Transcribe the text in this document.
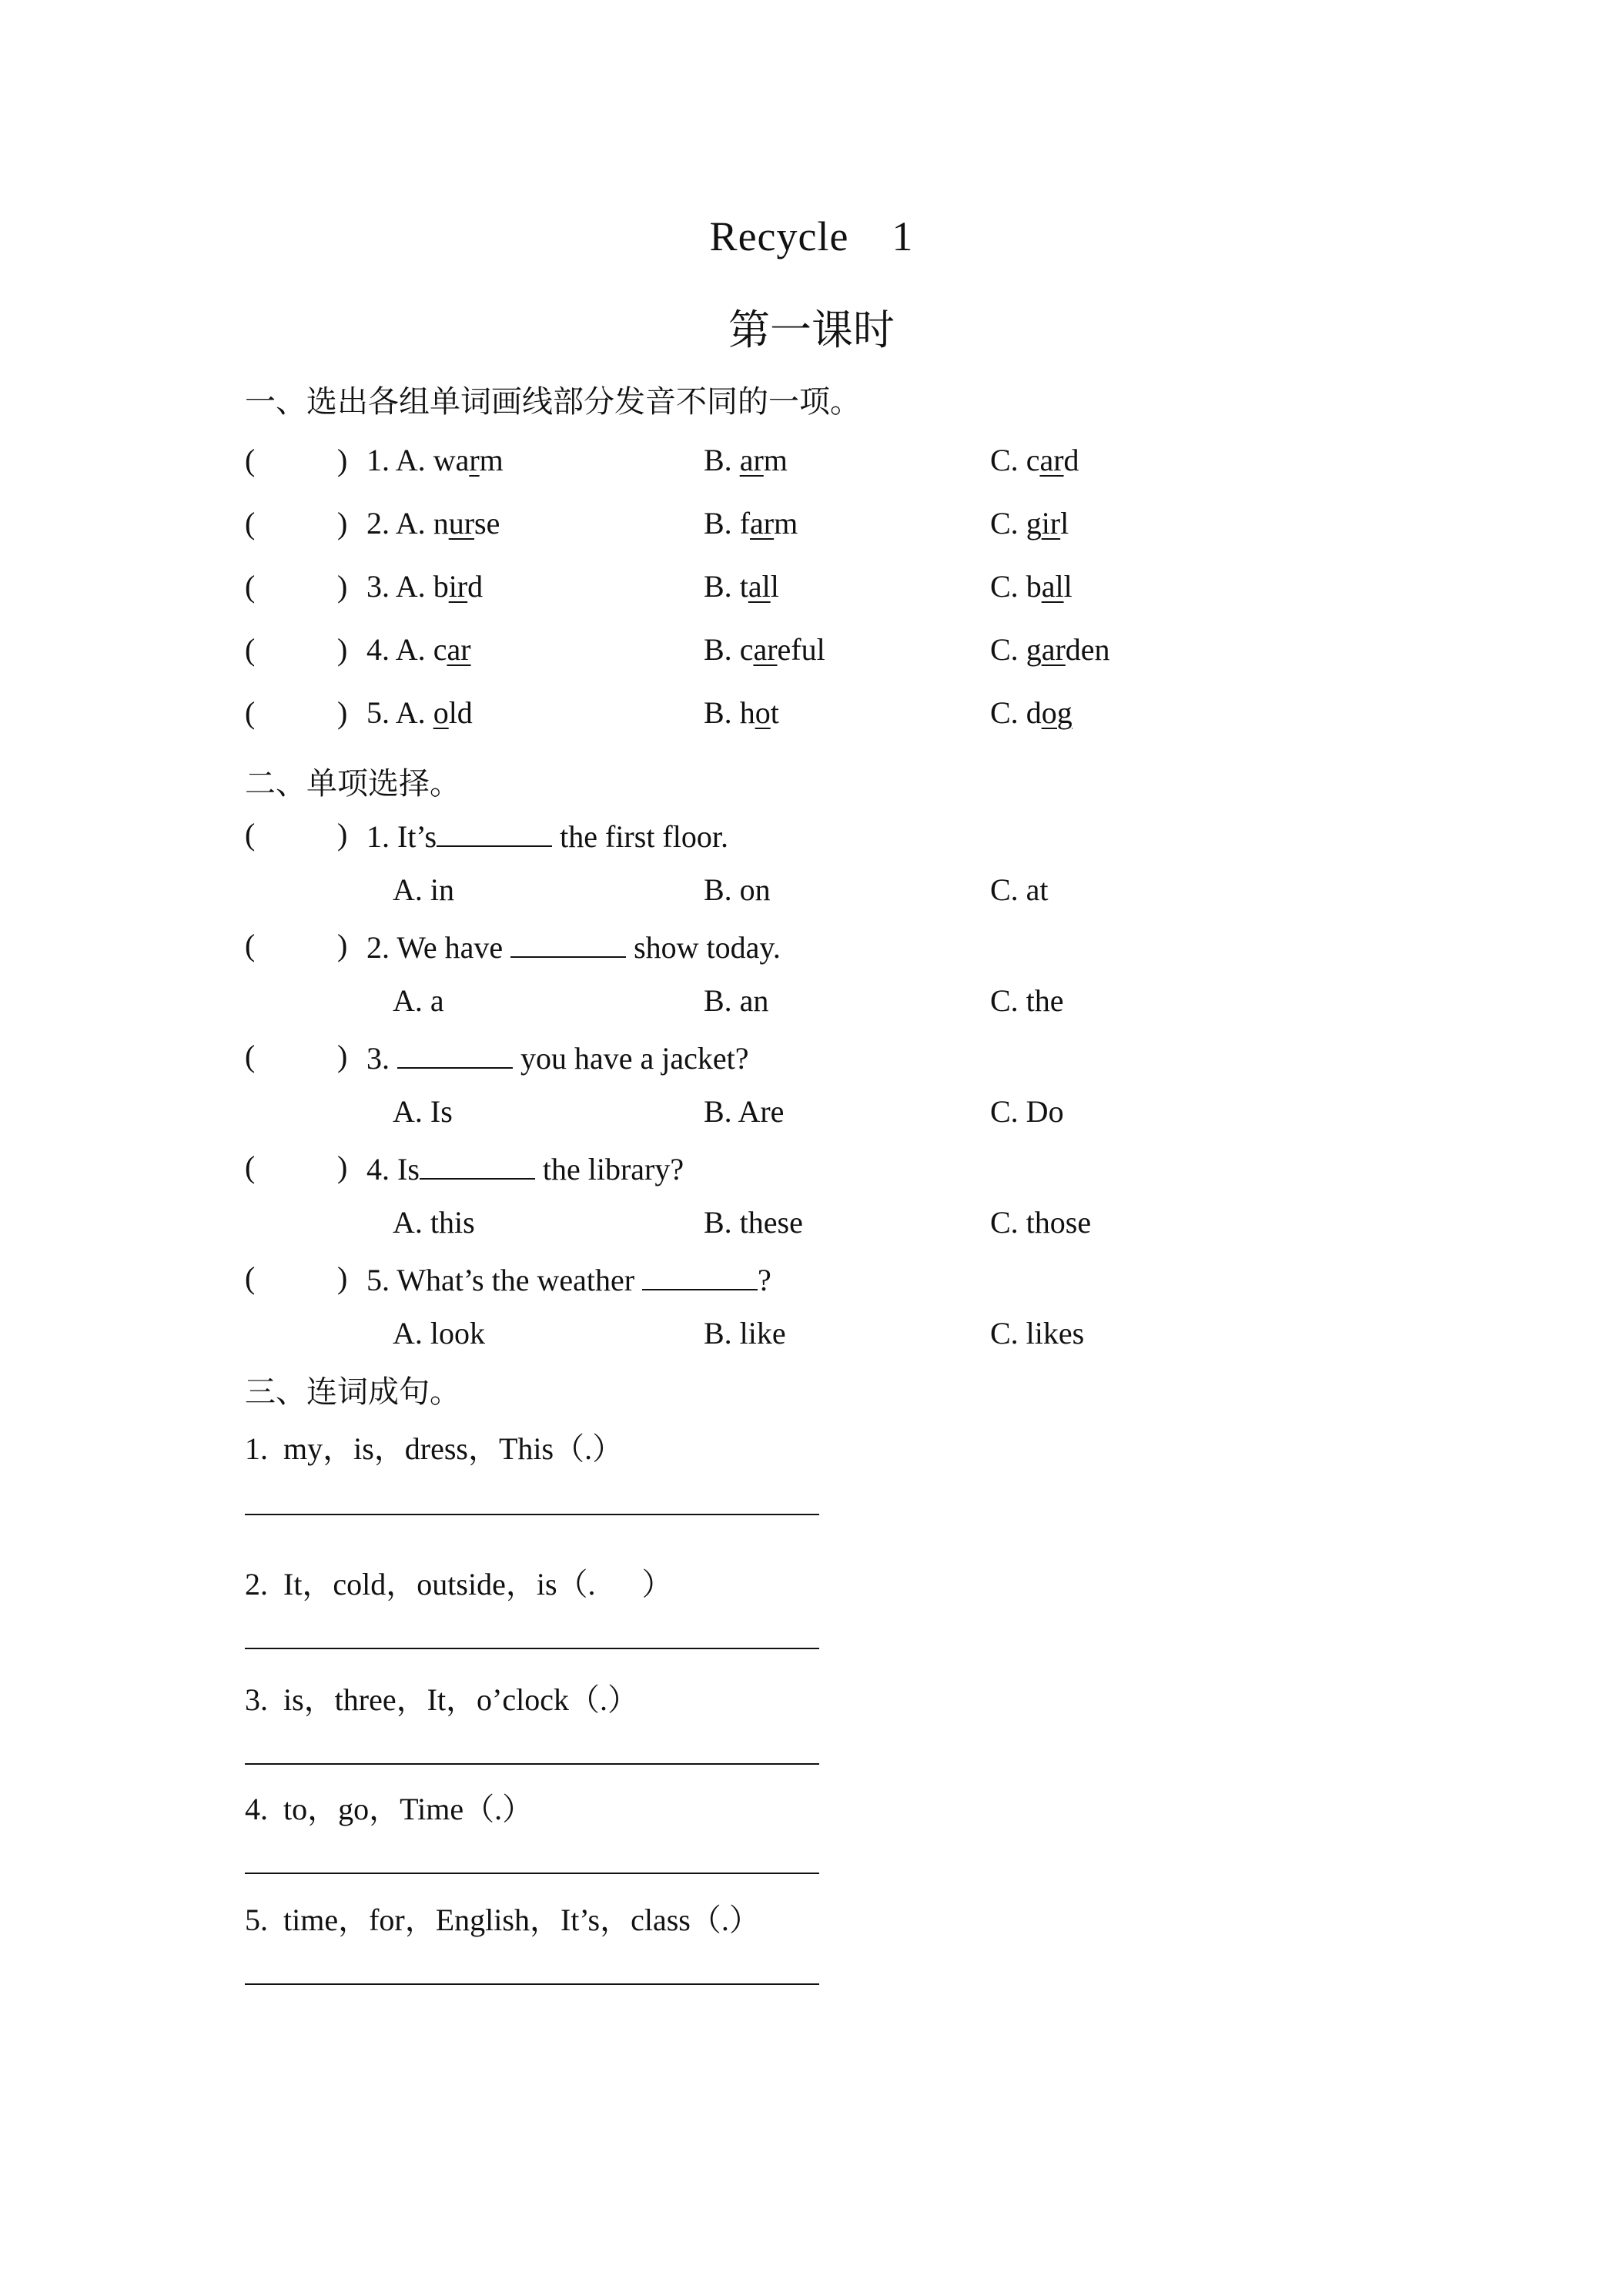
Recycle 1
第一课时
一、选出各组单词画线部分发音不同的一项。
(	) 1. A. warm	B. arm	C. card
(	) 2. A. nurse	B. farm	C. girl
(	) 3. A. bird	B. tall	C. ball
(	) 4. A. car	B. careful	C. garden
(	) 5. A. old	B. hot	C. dog
二、单项选择。
(	) 1. It’s	the first floor.
A. in	B. on	C. at
(	) 2. We have	show today.
A. a	B. an	C. the
(	) 3.	you have a jacket?
A. Is	B. Are	C. Do
(	) 4. Is	the library?
A. this	B. these	C. those
(	) 5. What’s the weather	?
A. look	B. like	C. likes
三、连词成句。
1.  my，is，dress，This（.）
2.  It，cold，outside，is（.      ）
3.  is，three，It，o’clock（.）
4.  to，go，Time（.）
5.  time，for，English，It’s，class（.）
